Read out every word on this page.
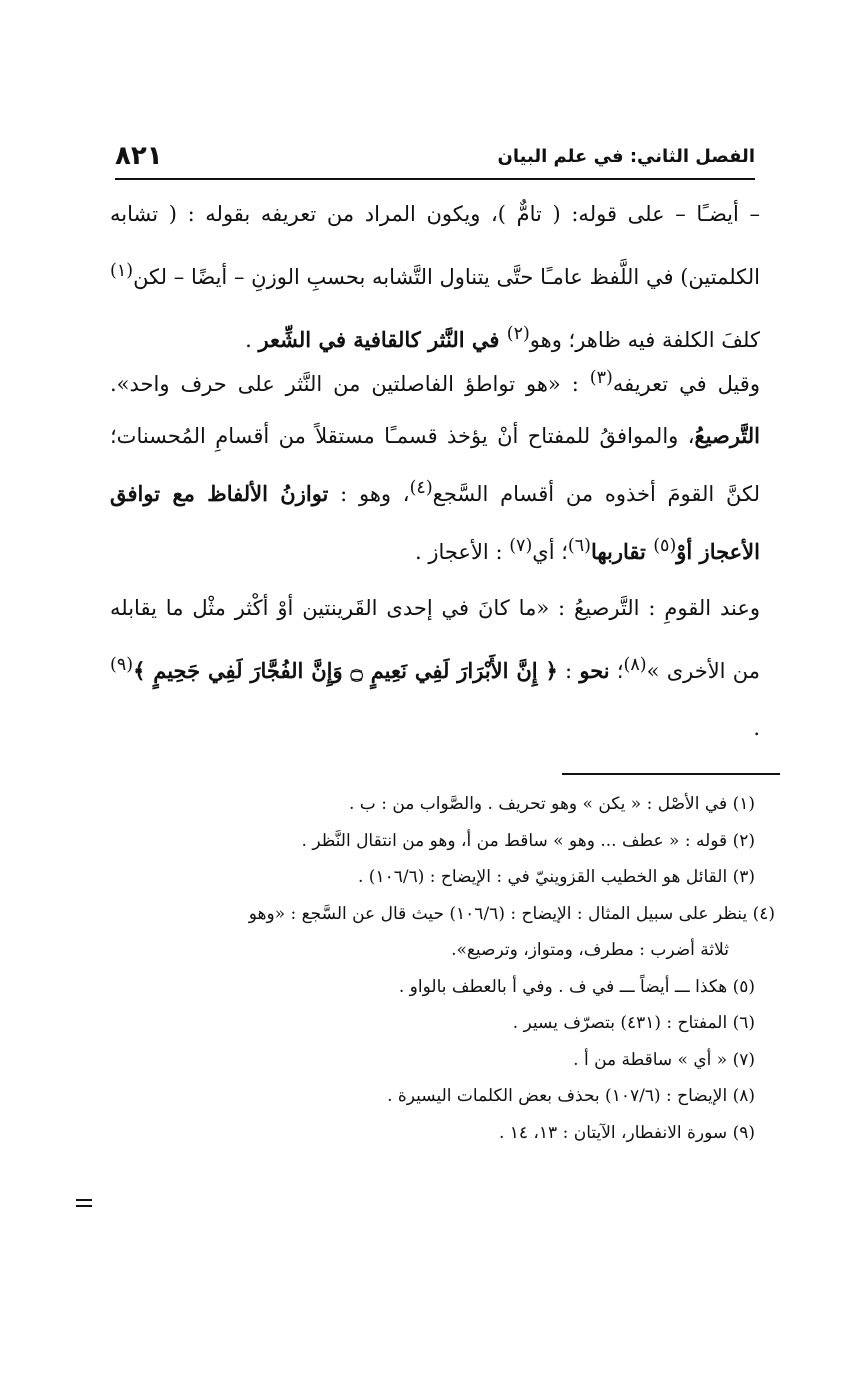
٨٢١	الفصل الثاني: في علم البيان
– أيضـًا – على قوله: ( تامٌّ )، ويكون المراد من تعريفه بقوله : ( تشابه الكلمتين) في اللَّفظ عامـًا حتَّى يتناول التَّشابه بحسبِ الوزنِ – أيضًا – لكن$^{(١)}$ كلفَ الكلفة فيه ظاهر؛ وهو$^{(٢)}$ في النَّثر كالقافية في الشِّعر .
وقيل في تعريفه$^{(٣)}$ : «هو تواطؤ الفاصلتين من النَّثر على حرف واحد». التَّرصيعُ، والموافقُ للمفتاح أنْ يؤخذ قسمـًا مستقلاً من أقسامِ المُحسنات؛ لكنَّ القومَ أخذوه من أقسام السَّجع$^{(٤)}$، وهو : توازنُ الألفاظ مع توافق الأعجاز أوْ$^{(٥)}$ تقاربها$^{(٦)}$؛ أي$^{(٧)}$ : الأعجاز .
وعند القومِ : التَّرصيعُ : «ما كانَ في إحدى القَرينتين أوْ أكْثر مثْل ما يقابله من الأخرى »$^{(٨)}$؛ نحو : ﴿ إِنَّ الأَبْرَارَ لَفِي نَعِيمٍ ۝ وَإِنَّ الفُجَّارَ لَفِي جَحِيمٍ ﴾$^{(٩)}$ .
(١) في الأصْل : « يكن » وهو تحريف . والصَّواب من : ب .
(٢) قوله : « عطف ... وهو » ساقط من أ، وهو من انتقال النَّظر .
(٣) القائل هو الخطيب القزوينيّ في : الإيضاح : (١٠٦/٦) .
(٤) ينظر على سبيل المثال : الإيضاح : (١٠٦/٦) حيث قال عن السَّجع : «وهو
ثلاثة أضرب : مطرف، ومتواز، وترصيع».
(٥) هكذا ـــ أيضاً ـــ في ف . وفي أ بالعطف بالواو .
(٦) المفتاح : (٤٣١) بتصرّف يسير .
(٧) « أي » ساقطة من أ .
(٨) الإيضاح : (١٠٧/٦) بحذف بعض الكلمات اليسيرة .
(٩) سورة الانفطار، الآيتان : ١٣، ١٤ .
